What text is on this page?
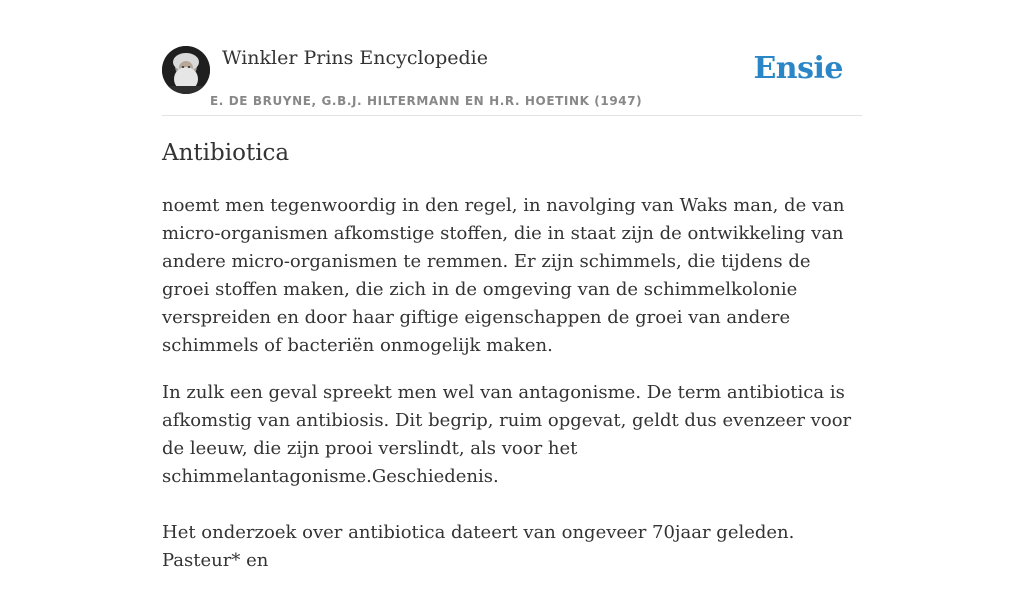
Winkler Prins Encyclopedie
E. DE BRUYNE, G.B.J. HILTERMANN EN H.R. HOETINK (1947)
Ensie
Antibiotica

noemt men tegenwoordig in den regel, in navolging van Waks man, de van micro-organismen afkomstige stoffen, die in staat zijn de ontwikkeling van andere micro-organismen te remmen. Er zijn schimmels, die tijdens de groei stoffen maken, die zich in de omgeving van de schimmelkolonie verspreiden en door haar giftige eigenschappen de groei van andere schimmels of bacteriën onmogelijk maken.

In zulk een geval spreekt men wel van antagonisme. De term antibiotica is afkomstig van antibiosis. Dit begrip, ruim opgevat, geldt dus evenzeer voor de leeuw, die zijn prooi verslindt, als voor het schimmelantagonisme.Geschiedenis.

Het onderzoek over antibiotica dateert van ongeveer 70jaar geleden. Pasteur* en
